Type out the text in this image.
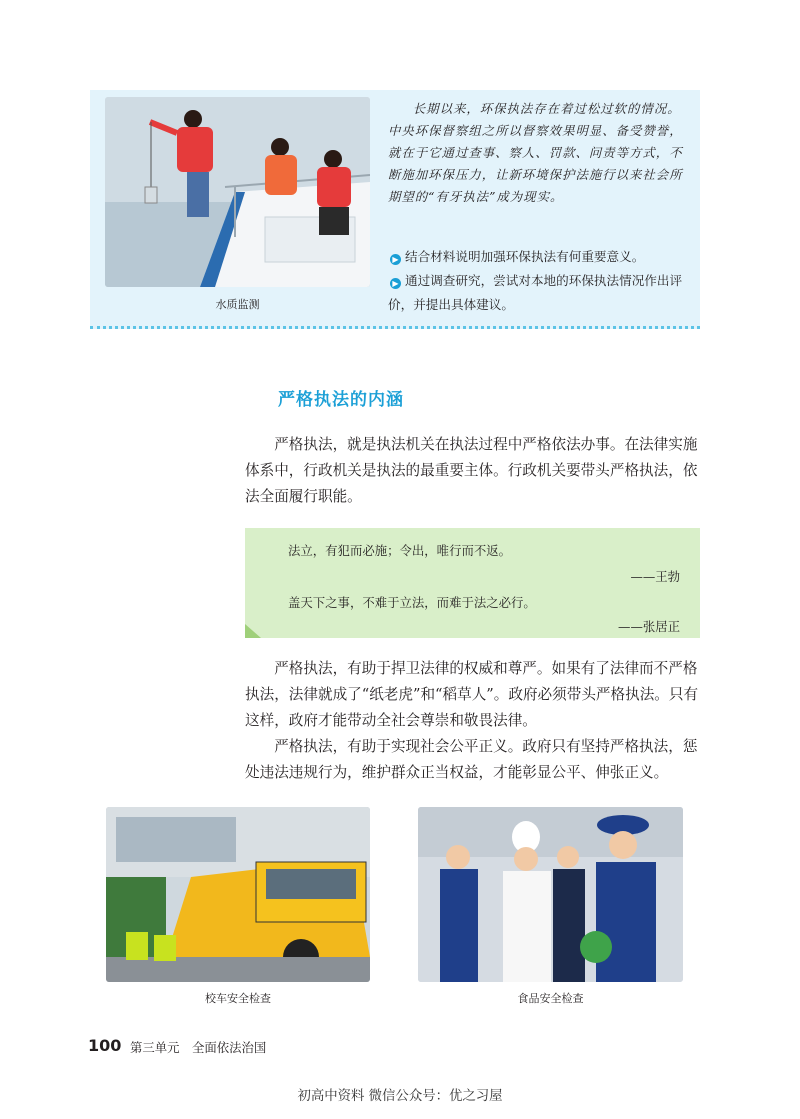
水质监测

长期以来，环保执法存在着过松过软的情况。中央环保督察组之所以督察效果明显、备受赞誉，就在于它通过查事、察人、罚款、问责等方式，不断施加环保压力，让新环境保护法施行以来社会所期望的“有牙执法”成为现实。

▶ 结合材料说明加强环保执法有何重要意义。
▶ 通过调查研究，尝试对本地的环保执法情况作出评价，并提出具体建议。
严格执法的内涵

严格执法，就是执法机关在执法过程中严格依法办事。在法律实施体系中，行政机关是执法的最重要主体。行政机关要带头严格执法，依法全面履行职能。

法立，有犯而必施；令出，唯行而不返。
——王勃
盖天下之事，不难于立法，而难于法之必行。
——张居正

严格执法，有助于捍卫法律的权威和尊严。如果有了法律而不严格执法，法律就成了“纸老虎”和“稻草人”。政府必须带头严格执法。只有这样，政府才能带动全社会尊崇和敬畏法律。

严格执法，有助于实现社会公平正义。政府只有坚持严格执法，惩处违法违规行为，维护群众正当权益，才能彰显公平、伸张正义。

校车安全检查	食品安全检查
100 第三单元　全面依法治国
初高中资料 微信公众号：优之习屋
